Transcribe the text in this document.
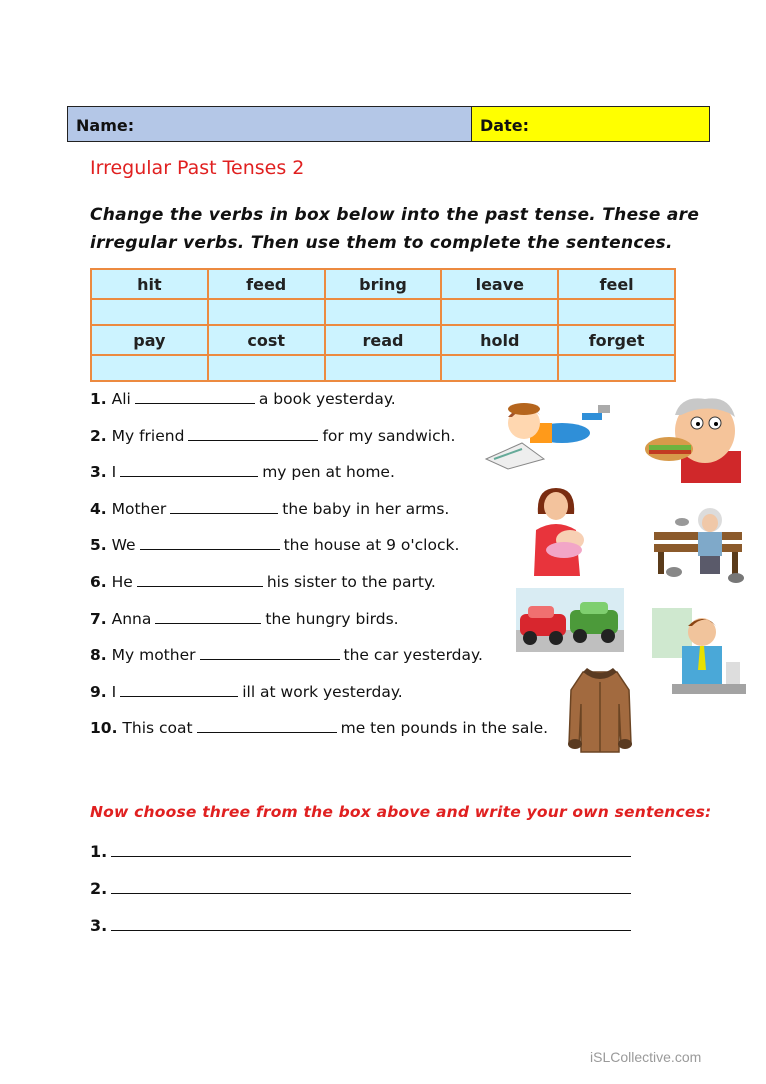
Name:	Date:
Irregular Past Tenses 2
Change the verbs in box below into the past tense. These are irregular verbs. Then use them to complete the sentences.
hit	feed	bring	leave	feel

pay	cost	read	hold	forget

1. Ali	a book yesterday.
2. My friend	for my sandwich.
3. I	my pen at home.
4. Mother	the baby in her arms.
5. We	the house at 9 o'clock.
6. He	his sister to the party.
7. Anna	the hungry birds.
8. My mother	the car yesterday.
9. I	ill at work yesterday.
10. This coat	me ten pounds in the sale.
Now choose three from the box above and write your own sentences:
1.
2.
3.
iSLCollective.com
